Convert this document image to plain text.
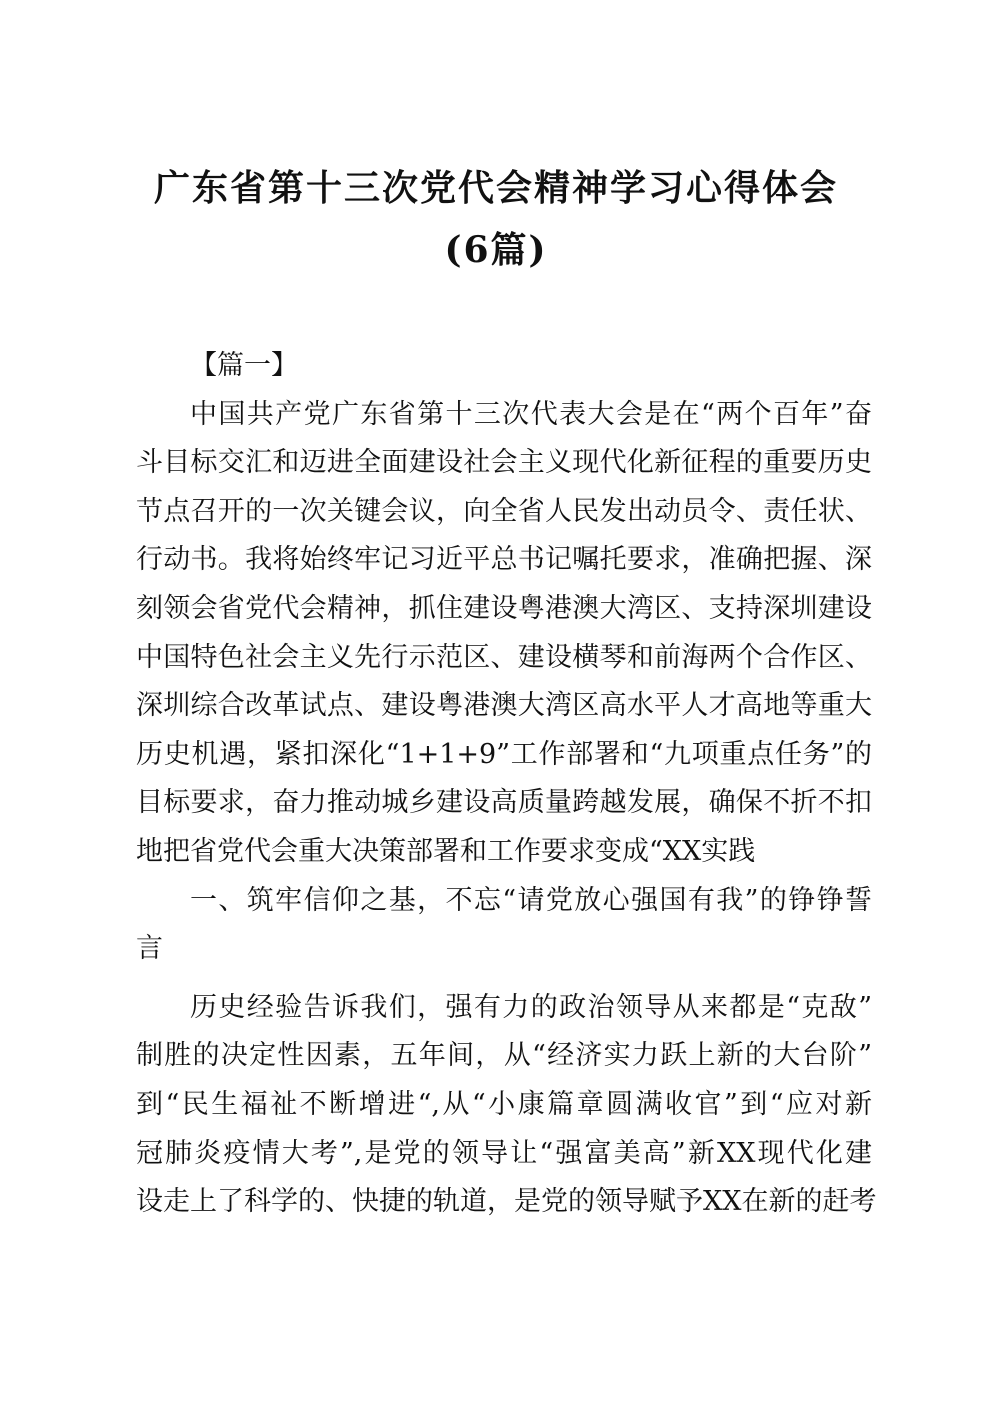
广东省第十三次党代会精神学习心得体会
(6篇)
【篇一】
中国共产党广东省第十三次代表大会是在“两个百年”奋
斗目标交汇和迈进全面建设社会主义现代化新征程的重要历史
节点召开的一次关键会议，向全省人民发出动员令、责任状、
行动书。我将始终牢记习近平总书记嘱托要求，准确把握、深
刻领会省党代会精神，抓住建设粤港澳大湾区、支持深圳建设
中国特色社会主义先行示范区、建设横琴和前海两个合作区、
深圳综合改革试点、建设粤港澳大湾区高水平人才高地等重大
历史机遇，紧扣深化“1+1+9”工作部署和“九项重点任务”的
目标要求，奋力推动城乡建设高质量跨越发展，确保不折不扣
地把省党代会重大决策部署和工作要求变成“XX实践
一、筑牢信仰之基，不忘“请党放心强国有我”的铮铮誓
言
历史经验告诉我们，强有力的政治领导从来都是“克敌”
制胜的决定性因素，五年间，从“经济实力跃上新的大台阶”
到“民生福祉不断增进“,从“小康篇章圆满收官”到“应对新
冠肺炎疫情大考”,是党的领导让“强富美高”新XX现代化建
设走上了科学的、快捷的轨道，是党的领导赋予XX在新的赶考
